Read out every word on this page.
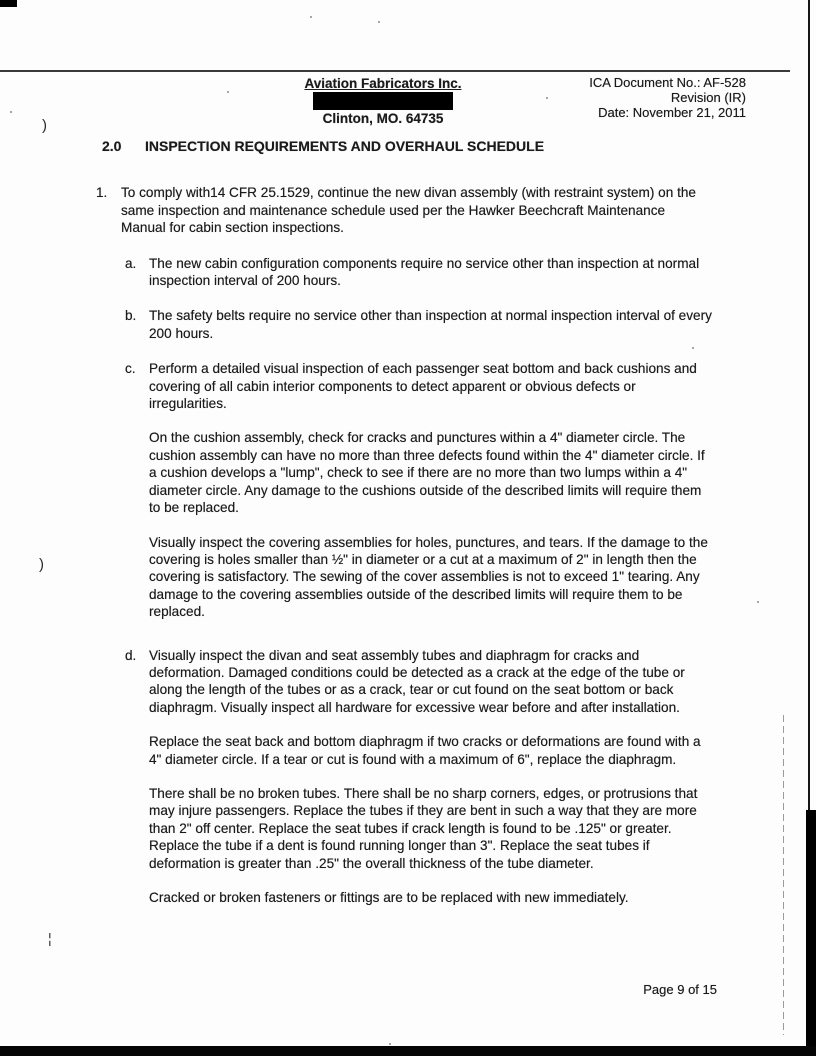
)
)
¦
Aviation Fabricators Inc.
Clinton, MO. 64735
ICA Document No.: AF-528
Revision (IR)
Date: November 21, 2011
2.0	INSPECTION REQUIREMENTS AND OVERHAUL SCHEDULE
1.	To comply with14 CFR 25.1529, continue the new divan assembly (with restraint system) on the same inspection and maintenance schedule used per the Hawker Beechcraft Maintenance Manual for cabin section inspections.
a. The new cabin configuration components require no service other than inspection at normal inspection interval of 200 hours.

b. The safety belts require no service other than inspection at normal inspection interval of every 200 hours.

c. Perform a detailed visual inspection of each passenger seat bottom and back cushions and covering of all cabin interior components to detect apparent or obvious defects or irregularities.

On the cushion assembly, check for cracks and punctures within a 4" diameter circle. The cushion assembly can have no more than three defects found within the 4" diameter circle. If a cushion develops a "lump", check to see if there are no more than two lumps within a 4" diameter circle. Any damage to the cushions outside of the described limits will require them to be replaced.

Visually inspect the covering assemblies for holes, punctures, and tears. If the damage to the covering is holes smaller than ½" in diameter or a cut at a maximum of 2" in length then the covering is satisfactory. The sewing of the cover assemblies is not to exceed 1" tearing. Any damage to the covering assemblies outside of the described limits will require them to be replaced.

d. Visually inspect the divan and seat assembly tubes and diaphragm for cracks and deformation. Damaged conditions could be detected as a crack at the edge of the tube or along the length of the tubes or as a crack, tear or cut found on the seat bottom or back diaphragm. Visually inspect all hardware for excessive wear before and after installation.

Replace the seat back and bottom diaphragm if two cracks or deformations are found with a 4" diameter circle. If a tear or cut is found with a maximum of 6", replace the diaphragm.

There shall be no broken tubes. There shall be no sharp corners, edges, or protrusions that may injure passengers. Replace the tubes if they are bent in such a way that they are more than 2" off center. Replace the seat tubes if crack length is found to be .125" or greater. Replace the tube if a dent is found running longer than 3". Replace the seat tubes if deformation is greater than .25" the overall thickness of the tube diameter.

Cracked or broken fasteners or fittings are to be replaced with new immediately.

Page 9 of 15
